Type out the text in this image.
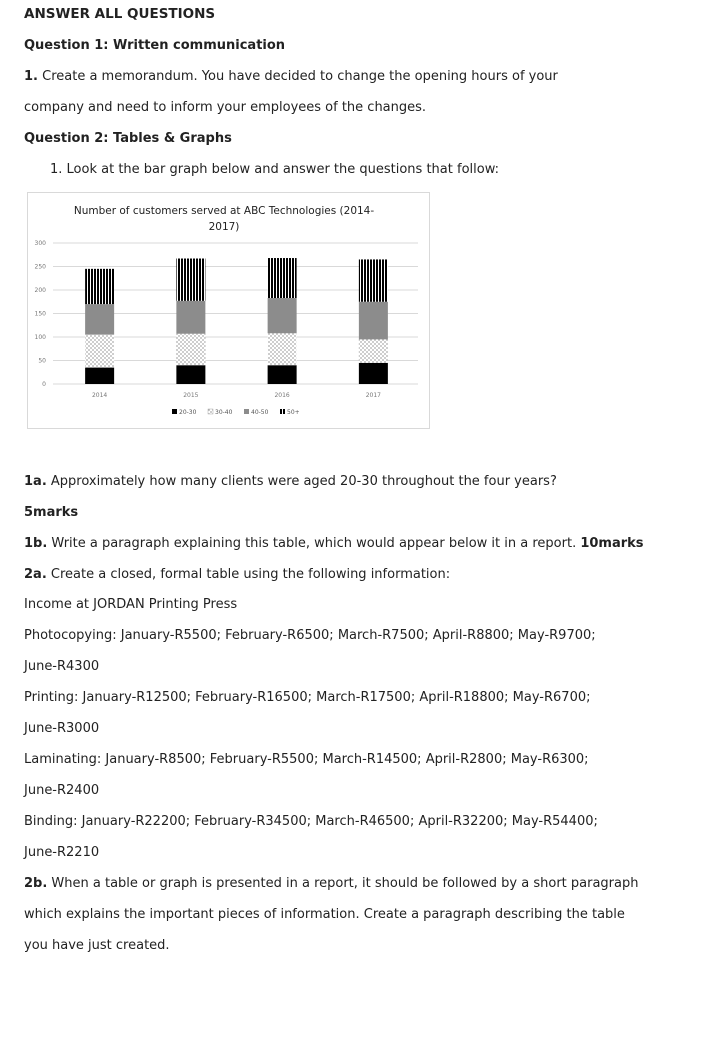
ANSWER ALL QUESTIONS
Question 1: Written communication
1. Create a memorandum. You have decided to change the opening hours of your
company and need to inform your employees of the changes.
Question 2: Tables & Graphs
1. Look at the bar graph below and answer the questions that follow:
Number of customers served at ABC Technologies (2014-
2017)
0
50
100
150
200
250
300
2014	2015	2016	2017
20-30	30-40	40-50	50+
1a. Approximately how many clients were aged 20-30 throughout the four years?
5marks
1b. Write a paragraph explaining this table, which would appear below it in a report. 10marks
2a. Create a closed, formal table using the following information:
Income at JORDAN Printing Press
Photocopying: January-R5500; February-R6500; March-R7500; April-R8800; May-R9700;
June-R4300
Printing: January-R12500; February-R16500; March-R17500; April-R18800; May-R6700;
June-R3000
Laminating: January-R8500; February-R5500; March-R14500; April-R2800; May-R6300;
June-R2400
Binding: January-R22200; February-R34500; March-R46500; April-R32200; May-R54400;
June-R2210
2b. When a table or graph is presented in a report, it should be followed by a short paragraph
which explains the important pieces of information. Create a paragraph describing the table
you have just created.
